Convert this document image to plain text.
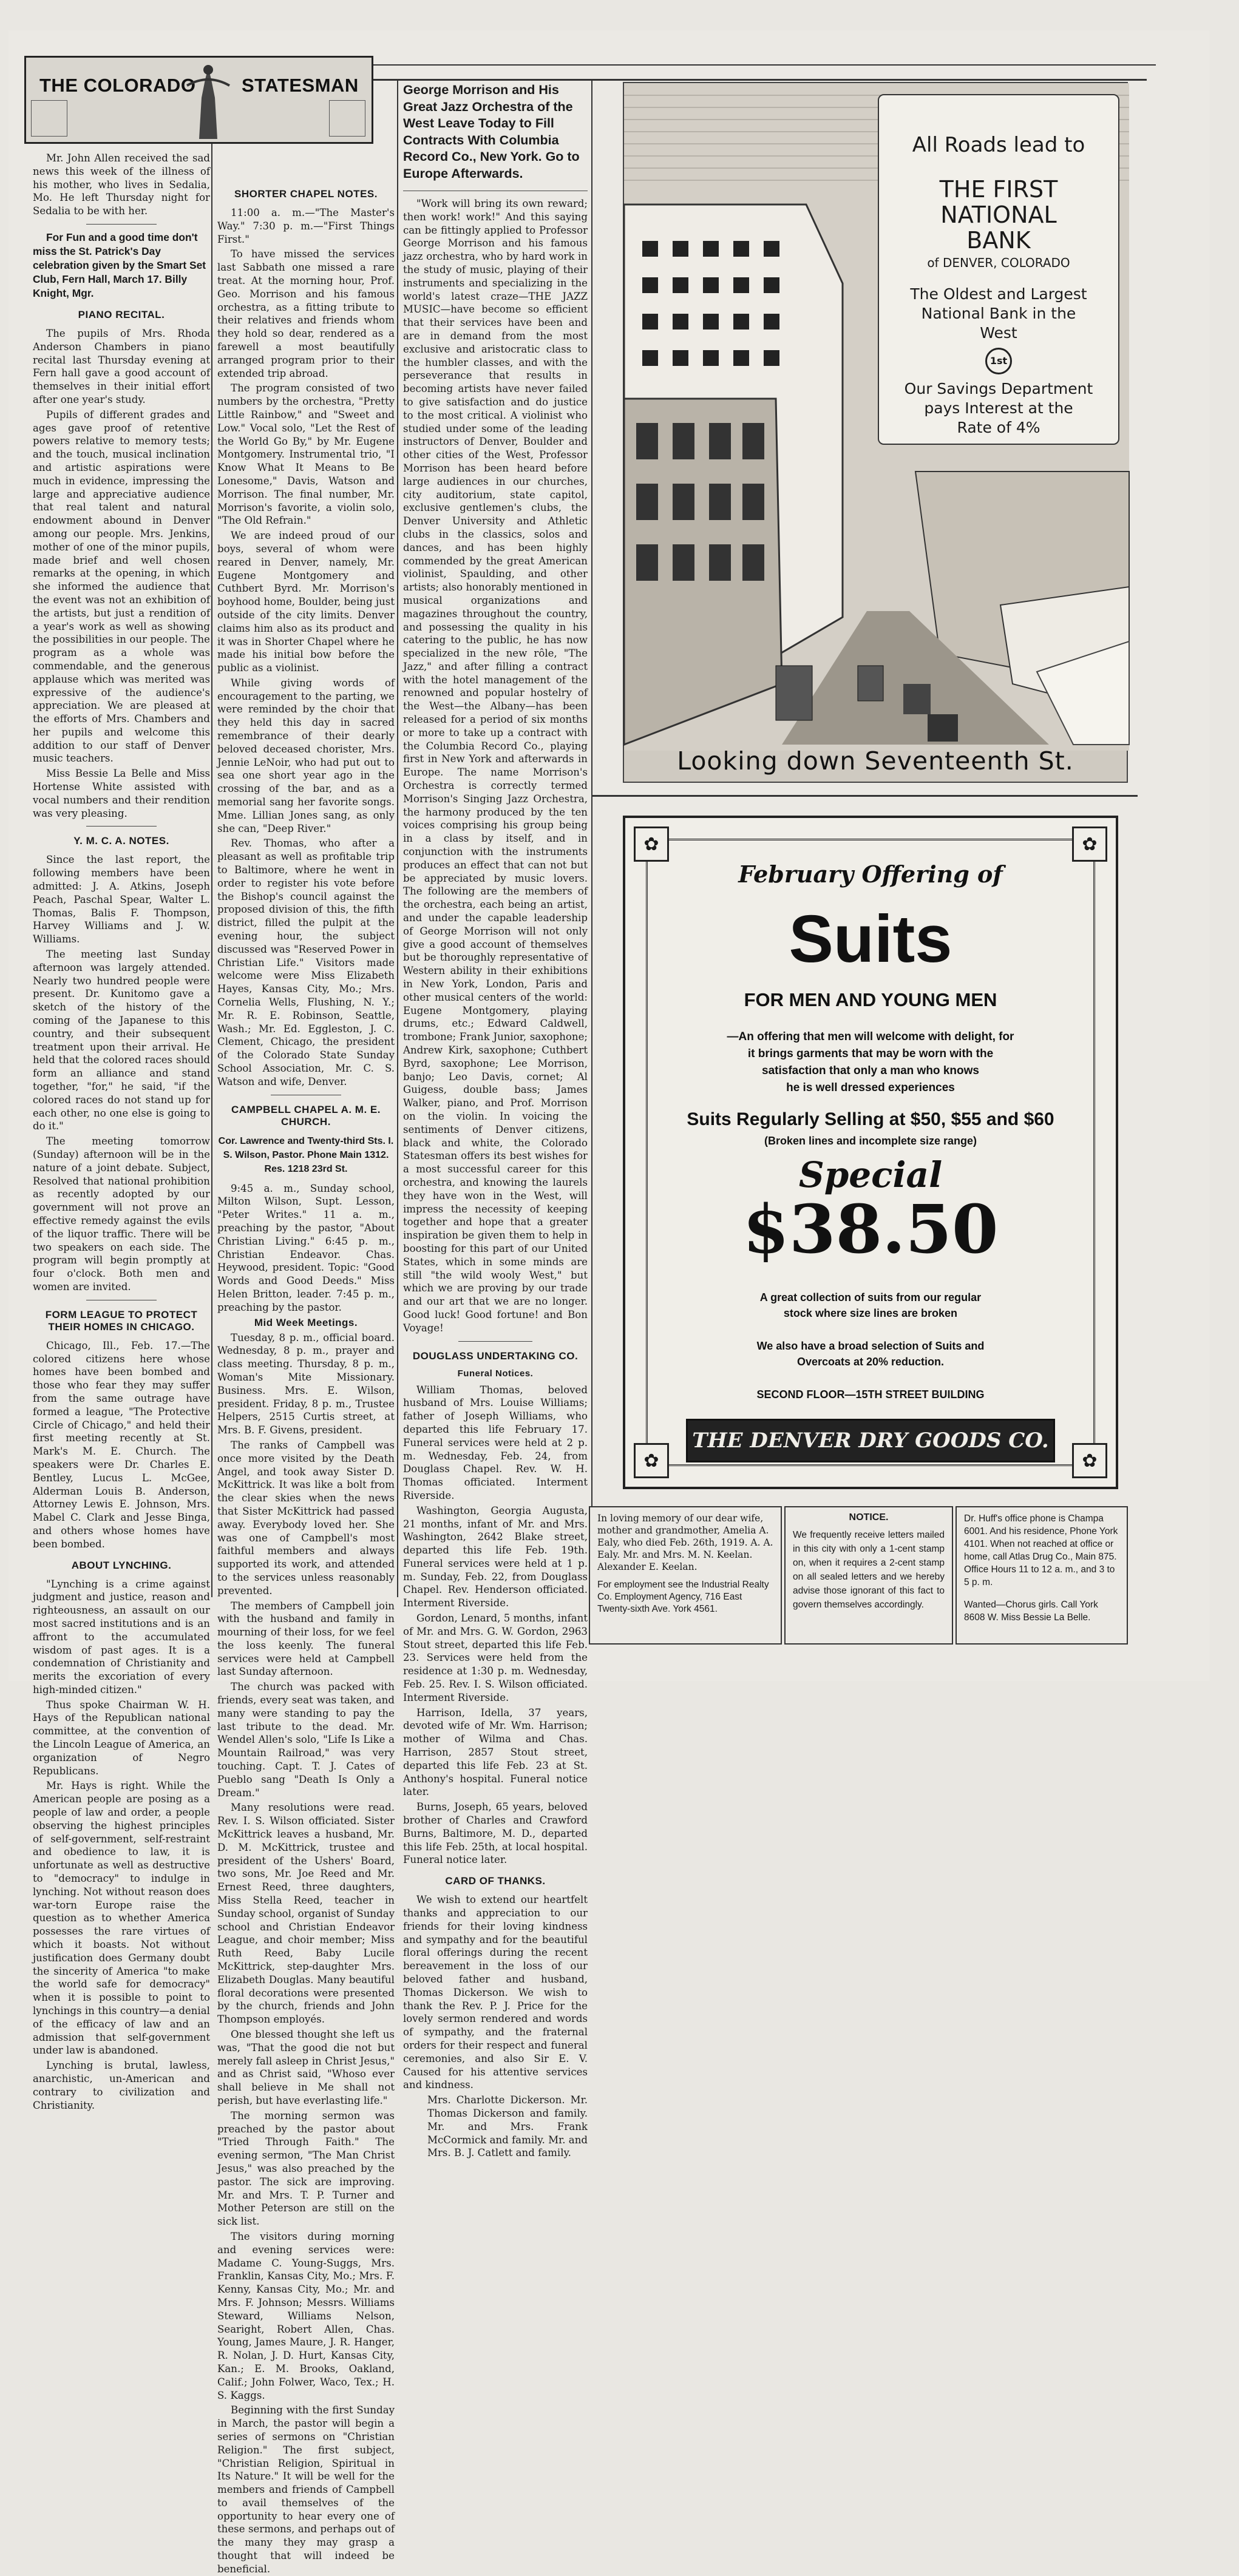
THE COLORADO STATESMAN

Mr. John Allen received the sad news this week of the illness of his mother, who lives in Sedalia, Mo. He left Thursday night for Sedalia to be with her.

For Fun and a good time don't miss the St. Patrick's Day celebration given by the Smart Set Club, Fern Hall, March 17. Billy Knight, Mgr.
PIANO RECITAL.

The pupils of Mrs. Rhoda Anderson Chambers in piano recital last Thursday evening at Fern hall gave a good account of themselves in their initial effort after one year's study.

Pupils of different grades and ages gave proof of retentive powers relative to memory tests; and the touch, musical inclination and artistic aspirations were much in evidence, impressing the large and appreciative audience that real talent and natural endowment abound in Denver among our people. Mrs. Jenkins, mother of one of the minor pupils, made brief and well chosen remarks at the opening, in which she informed the audience that the event was not an exhibition of the artists, but just a rendition of a year's work as well as showing the possibilities in our people. The program as a whole was commendable, and the generous applause which was merited was expressive of the audience's appreciation. We are pleased at the efforts of Mrs. Chambers and her pupils and welcome this addition to our staff of Denver music teachers.

Miss Bessie La Belle and Miss Hortense White assisted with vocal numbers and their rendition was very pleasing.

Y. M. C. A. NOTES.

Since the last report, the following members have been admitted: J. A. Atkins, Joseph Peach, Paschal Spear, Walter L. Thomas, Balis F. Thompson, Harvey Williams and J. W. Williams.

The meeting last Sunday afternoon was largely attended. Nearly two hundred people were present. Dr. Kunitomo gave a sketch of the history of the coming of the Japanese to this country, and their subsequent treatment upon their arrival. He held that the colored races should form an alliance and stand together, "for," he said, "if the colored races do not stand up for each other, no one else is going to do it."

The meeting tomorrow (Sunday) afternoon will be in the nature of a joint debate. Subject, Resolved that national prohibition as recently adopted by our government will not prove an effective remedy against the evils of the liquor traffic. There will be two speakers on each side. The program will begin promptly at four o'clock. Both men and women are invited.

FORM LEAGUE TO PROTECT THEIR HOMES IN CHICAGO.

Chicago, Ill., Feb. 17.—The colored citizens here whose homes have been bombed and those who fear they may suffer from the same outrage have formed a league, "The Protective Circle of Chicago," and held their first meeting recently at St. Mark's M. E. Church. The speakers were Dr. Charles E. Bentley, Lucus L. McGee, Alderman Louis B. Anderson, Attorney Lewis E. Johnson, Mrs. Mabel C. Clark and Jesse Binga, and others whose homes have been bombed.

ABOUT LYNCHING.

"Lynching is a crime against judgment and justice, reason and righteousness, an assault on our most sacred institutions and is an affront to the accumulated wisdom of past ages. It is a condemnation of Christianity and merits the excoriation of every high-minded citizen."

Thus spoke Chairman W. H. Hays of the Republican national committee, at the convention of the Lincoln League of America, an organization of Negro Republicans.

Mr. Hays is right. While the American people are posing as a people of law and order, a people observing the highest principles of self-government, self-restraint and obedience to law, it is unfortunate as well as destructive to "democracy" to indulge in lynching. Not without reason does war-torn Europe raise the question as to whether America possesses the rare virtues of which it boasts. Not without justification does Germany doubt the sincerity of America "to make the world safe for democracy" when it is possible to point to lynchings in this country—a denial of the efficacy of law and an admission that self-government under law is abandoned.

Lynching is brutal, lawless, anarchistic, un-American and contrary to civilization and Christianity.

SHORTER CHAPEL NOTES.

11:00 a. m.—"The Master's Way." 7:30 p. m.—"First Things First."

To have missed the services last Sabbath one missed a rare treat. At the morning hour, Prof. Geo. Morrison and his famous orchestra, as a fitting tribute to their relatives and friends whom they hold so dear, rendered as a farewell a most beautifully arranged program prior to their extended trip abroad.

The program consisted of two numbers by the orchestra, "Pretty Little Rainbow," and "Sweet and Low." Vocal solo, "Let the Rest of the World Go By," by Mr. Eugene Montgomery. Instrumental trio, "I Know What It Means to Be Lonesome," Davis, Watson and Morrison. The final number, Mr. Morrison's favorite, a violin solo, "The Old Refrain."

We are indeed proud of our boys, several of whom were reared in Denver, namely, Mr. Eugene Montgomery and Cuthbert Byrd. Mr. Morrison's boyhood home, Boulder, being just outside of the city limits. Denver claims him also as its product and it was in Shorter Chapel where he made his initial bow before the public as a violinist.

While giving words of encouragement to the parting, we were reminded by the choir that they held this day in sacred remembrance of their dearly beloved deceased chorister, Mrs. Jennie LeNoir, who had put out to sea one short year ago in the crossing of the bar, and as a memorial sang her favorite songs. Mme. Lillian Jones sang, as only she can, "Deep River."

Rev. Thomas, who after a pleasant as well as profitable trip to Baltimore, where he went in order to register his vote before the Bishop's council against the proposed division of this, the fifth district, filled the pulpit at the evening hour, the subject discussed was "Reserved Power in Christian Life." Visitors made welcome were Miss Elizabeth Hayes, Kansas City, Mo.; Mrs. Cornelia Wells, Flushing, N. Y.; Mr. R. E. Robinson, Seattle, Wash.; Mr. Ed. Eggleston, J. C. Clement, Chicago, the president of the Colorado State Sunday School Association, Mr. C. S. Watson and wife, Denver.

CAMPBELL CHAPEL A. M. E. CHURCH.
Cor. Lawrence and Twenty-third Sts. I. S. Wilson, Pastor. Phone Main 1312. Res. 1218 23rd St.

9:45 a. m., Sunday school, Milton Wilson, Supt. Lesson, "Peter Writes." 11 a. m., preaching by the pastor, "About Christian Living." 6:45 p. m., Christian Endeavor. Chas. Heywood, president. Topic: "Good Words and Good Deeds." Miss Helen Britton, leader. 7:45 p. m., preaching by the pastor.

Mid Week Meetings.

Tuesday, 8 p. m., official board. Wednesday, 8 p. m., prayer and class meeting. Thursday, 8 p. m., Woman's Mite Missionary. Business. Mrs. E. Wilson, president. Friday, 8 p. m., Trustee Helpers, 2515 Curtis street, at Mrs. B. F. Givens, president.

The ranks of Campbell was once more visited by the Death Angel, and took away Sister D. McKittrick. It was like a bolt from the clear skies when the news that Sister McKittrick had passed away. Everybody loved her. She was one of Campbell's most faithful members and always supported its work, and attended to the services unless reasonably prevented.

The members of Campbell join with the husband and family in mourning of their loss, for we feel the loss keenly. The funeral services were held at Campbell last Sunday afternoon.

The church was packed with friends, every seat was taken, and many were standing to pay the last tribute to the dead. Mr. Wendel Allen's solo, "Life Is Like a Mountain Railroad," was very touching. Capt. T. J. Cates of Pueblo sang "Death Is Only a Dream."

Many resolutions were read. Rev. I. S. Wilson officiated. Sister McKittrick leaves a husband, Mr. D. M. McKittrick, trustee and president of the Ushers' Board, two sons, Mr. Joe Reed and Mr. Ernest Reed, three daughters, Miss Stella Reed, teacher in Sunday school, organist of Sunday school and Christian Endeavor League, and choir member; Miss Ruth Reed, Baby Lucile McKittrick, step-daughter Mrs. Elizabeth Douglas. Many beautiful floral decorations were presented by the church, friends and John Thompson employés.

One blessed thought she left us was, "That the good die not but merely fall asleep in Christ Jesus," and as Christ said, "Whoso ever shall believe in Me shall not perish, but have everlasting life."

The morning sermon was preached by the pastor about "Tried Through Faith." The evening sermon, "The Man Christ Jesus," was also preached by the pastor. The sick are improving. Mr. and Mrs. T. P. Turner and Mother Peterson are still on the sick list.

The visitors during morning and evening services were: Madame C. Young-Suggs, Mrs. Franklin, Kansas City, Mo.; Mrs. F. Kenny, Kansas City, Mo.; Mr. and Mrs. F. Johnson; Messrs. Williams Steward, Williams Nelson, Searight, Robert Allen, Chas. Young, James Maure, J. R. Hanger, R. Nolan, J. D. Hurt, Kansas City, Kan.; E. M. Brooks, Oakland, Calif.; John Folwer, Waco, Tex.; H. S. Kaggs.

Beginning with the first Sunday in March, the pastor will begin a series of sermons on "Christian Religion." The first subject, "Christian Religion, Spiritual in Its Nature." It will be well for the members and friends of Campbell to avail themselves of the opportunity to hear every one of these sermons, and perhaps out of the many they may grasp a thought that will indeed be beneficial.

George Morrison and His Great Jazz Orchestra of the West Leave Today to Fill Contracts With Columbia Record Co., New York. Go to Europe Afterwards.

"Work will bring its own reward; then work! work!" And this saying can be fittingly applied to Professor George Morrison and his famous jazz orchestra, who by hard work in the study of music, playing of their instruments and specializing in the world's latest craze—THE JAZZ MUSIC—have become so efficient that their services have been and are in demand from the most exclusive and aristocratic class to the humbler classes, and with the perseverance that results in becoming artists have never failed to give satisfaction and do justice to the most critical. A violinist who studied under some of the leading instructors of Denver, Boulder and other cities of the West, Professor Morrison has been heard before large audiences in our churches, city auditorium, state capitol, exclusive gentlemen's clubs, the Denver University and Athletic clubs in the classics, solos and dances, and has been highly commended by the great American violinist, Spaulding, and other artists; also honorably mentioned in musical organizations and magazines throughout the country, and possessing the quality in his catering to the public, he has now specialized in the new rôle, "The Jazz," and after filling a contract with the hotel management of the renowned and popular hostelry of the West—the Albany—has been released for a period of six months or more to take up a contract with the Columbia Record Co., playing first in New York and afterwards in Europe. The name Morrison's Orchestra is correctly termed Morrison's Singing Jazz Orchestra, the harmony produced by the ten voices comprising his group being in a class by itself, and in conjunction with the instruments produces an effect that can not but be appreciated by music lovers. The following are the members of the orchestra, each being an artist, and under the capable leadership of George Morrison will not only give a good account of themselves but be thoroughly representative of Western ability in their exhibitions in New York, London, Paris and other musical centers of the world: Eugene Montgomery, playing drums, etc.; Edward Caldwell, trombone; Frank Junior, saxophone; Andrew Kirk, saxophone; Cuthbert Byrd, saxophone; Lee Morrison, banjo; Leo Davis, cornet; Al Guigess, double bass; James Walker, piano, and Prof. Morrison on the violin. In voicing the sentiments of Denver citizens, black and white, the Colorado Statesman offers its best wishes for a most successful career for this orchestra, and knowing the laurels they have won in the West, will impress the necessity of keeping together and hope that a greater inspiration be given them to help in boosting for this part of our United States, which in some minds are still "the wild wooly West," but which we are proving by our trade and our art that we are no longer. Good luck! Good fortune! and Bon Voyage!

DOUGLASS UNDERTAKING CO.
Funeral Notices.

William Thomas, beloved husband of Mrs. Louise Williams; father of Joseph Williams, who departed this life February 17. Funeral services were held at 2 p. m. Wednesday, Feb. 24, from Douglass Chapel. Rev. W. H. Thomas officiated. Interment Riverside.

Washington, Georgia Augusta, 21 months, infant of Mr. and Mrs. Washington, 2642 Blake street, departed this life Feb. 19th. Funeral services were held at 1 p. m. Sunday, Feb. 22, from Douglass Chapel. Rev. Henderson officiated. Interment Riverside.

Gordon, Lenard, 5 months, infant of Mr. and Mrs. G. W. Gordon, 2963 Stout street, departed this life Feb. 23. Services were held from the residence at 1:30 p. m. Wednesday, Feb. 25. Rev. I. S. Wilson officiated. Interment Riverside.

Harrison, Idella, 37 years, devoted wife of Mr. Wm. Harrison; mother of Wilma and Chas. Harrison, 2857 Stout street, departed this life Feb. 23 at St. Anthony's hospital. Funeral notice later.

Burns, Joseph, 65 years, beloved brother of Charles and Crawford Burns, Baltimore, M. D., departed this life Feb. 25th, at local hospital. Funeral notice later.

CARD OF THANKS.

We wish to extend our heartfelt thanks and appreciation to our friends for their loving kindness and sympathy and for the beautiful floral offerings during the recent bereavement in the loss of our beloved father and husband, Thomas Dickerson. We wish to thank the Rev. P. J. Price for the lovely sermon rendered and words of sympathy, and the fraternal orders for their respect and funeral ceremonies, and also Sir E. V. Caused for his attentive services and kindness.

Mrs. Charlotte Dickerson. Mr. Thomas Dickerson and family. Mr. and Mrs. Frank McCormick and family. Mr. and Mrs. B. J. Catlett and family.

All Roads lead to
THE FIRST
NATIONAL
BANK
of DENVER, COLORADO
The Oldest and Largest
National Bank in the
West
1st
Our Savings Department
pays Interest at the
Rate of 4%
Looking down Seventeenth St.
✿	✿
✿	✿
February Offering of
Suits
FOR MEN AND YOUNG MEN
—An offering that men will welcome with delight, for
it brings garments that may be worn with the
satisfaction that only a man who knows
he is well dressed experiences
Suits Regularly Selling at $50, $55 and $60
(Broken lines and incomplete size range)
Special
$38.50
A great collection of suits from our regular
stock where size lines are broken
We also have a broad selection of Suits and
Overcoats at 20% reduction.
SECOND FLOOR—15TH STREET BUILDING
THE DENVER DRY GOODS CO.
In loving memory of our dear wife, mother and grandmother, Amelia A. Ealy, who died Feb. 26th, 1919. A. A. Ealy. Mr. and Mrs. M. N. Keelan. Alexander E. Keelan.
For employment see the Industrial Realty Co. Employment Agency, 716 East Twenty-sixth Ave. York 4561.
NOTICE.
We frequently receive letters mailed in this city with only a 1-cent stamp on, when it requires a 2-cent stamp on all sealed letters and we hereby advise those ignorant of this fact to govern themselves accordingly.
Dr. Huff's office phone is Champa 6001. And his residence, Phone York 4101. When not reached at office or home, call Atlas Drug Co., Main 875. Office Hours 11 to 12 a. m., and 3 to 5 p. m.
Wanted—Chorus girls. Call York 8608 W. Miss Bessie La Belle.
